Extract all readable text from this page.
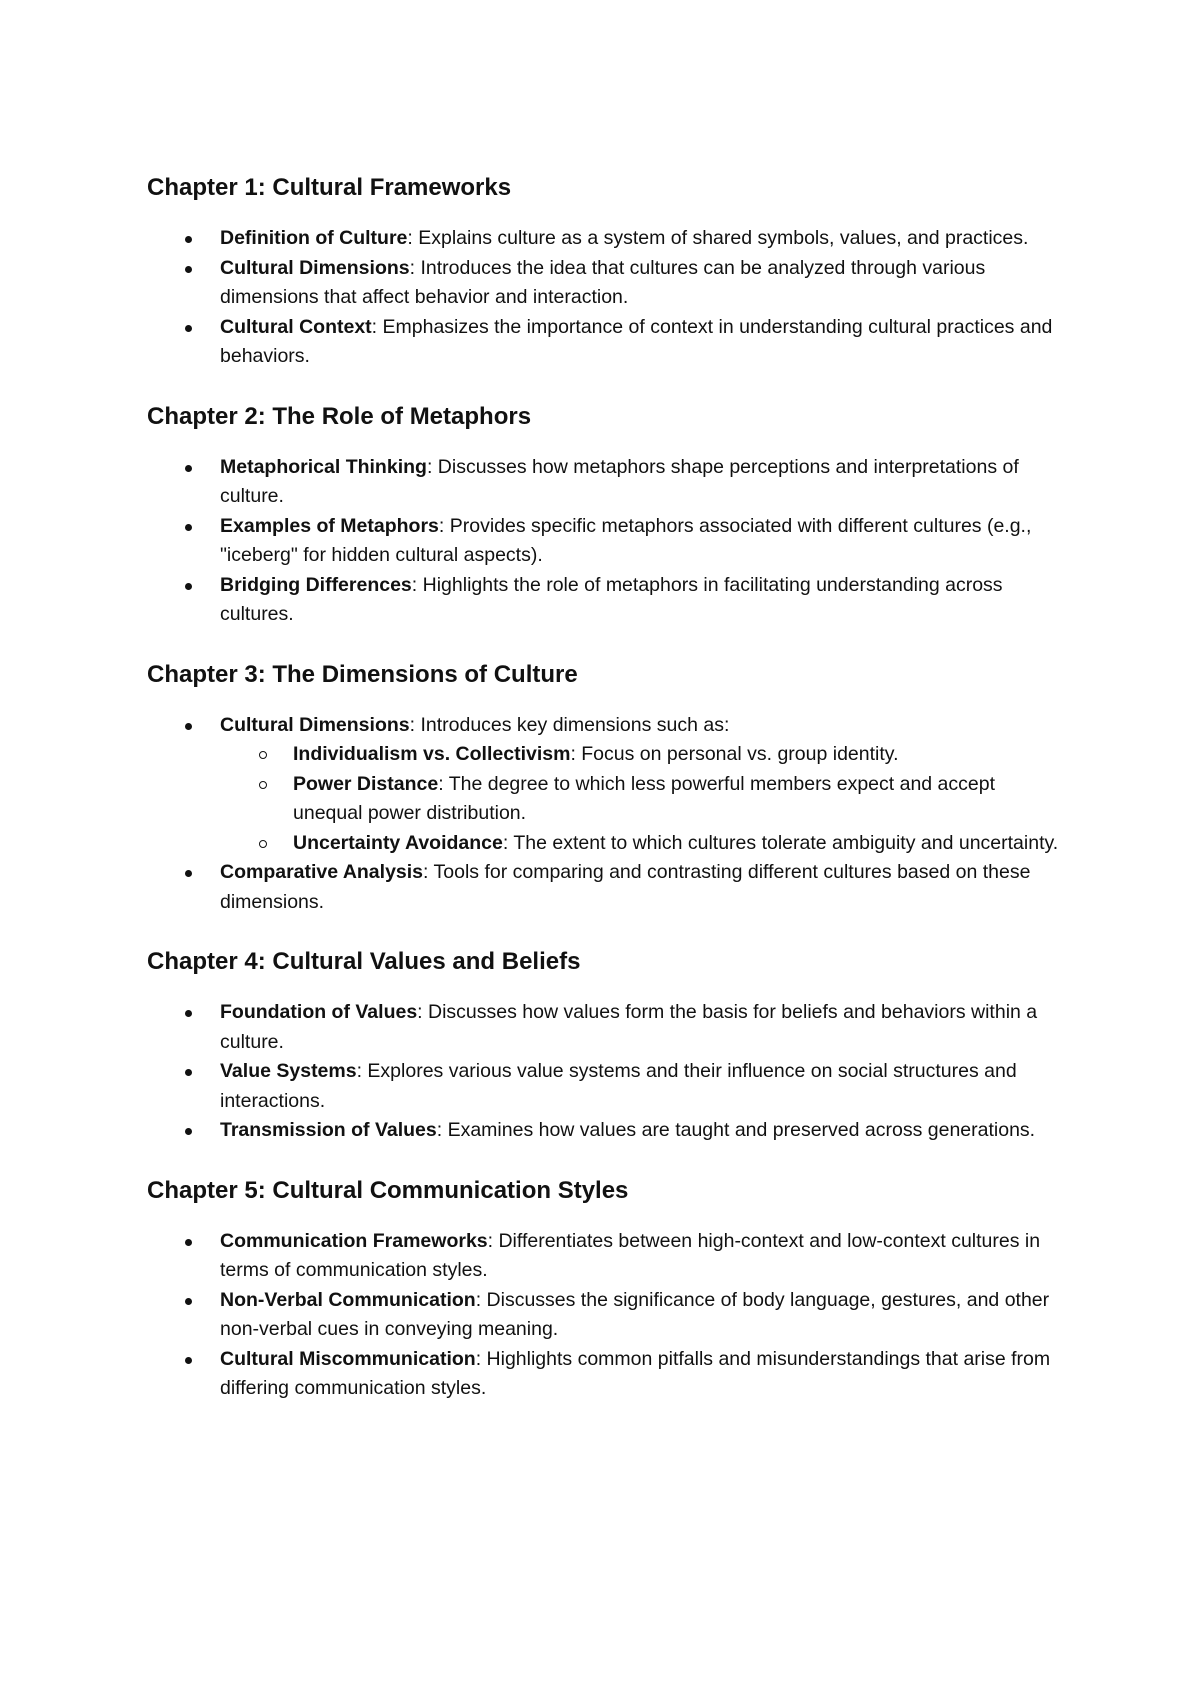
Chapter 1: Cultural Frameworks
Definition of Culture: Explains culture as a system of shared symbols, values, and practices.
Cultural Dimensions: Introduces the idea that cultures can be analyzed through various dimensions that affect behavior and interaction.
Cultural Context: Emphasizes the importance of context in understanding cultural practices and behaviors.
Chapter 2: The Role of Metaphors
Metaphorical Thinking: Discusses how metaphors shape perceptions and interpretations of culture.
Examples of Metaphors: Provides specific metaphors associated with different cultures (e.g., "iceberg" for hidden cultural aspects).
Bridging Differences: Highlights the role of metaphors in facilitating understanding across cultures.
Chapter 3: The Dimensions of Culture
Cultural Dimensions: Introduces key dimensions such as:
Individualism vs. Collectivism: Focus on personal vs. group identity.
Power Distance: The degree to which less powerful members expect and accept unequal power distribution.
Uncertainty Avoidance: The extent to which cultures tolerate ambiguity and uncertainty.
Comparative Analysis: Tools for comparing and contrasting different cultures based on these dimensions.
Chapter 4: Cultural Values and Beliefs
Foundation of Values: Discusses how values form the basis for beliefs and behaviors within a culture.
Value Systems: Explores various value systems and their influence on social structures and interactions.
Transmission of Values: Examines how values are taught and preserved across generations.
Chapter 5: Cultural Communication Styles
Communication Frameworks: Differentiates between high-context and low-context cultures in terms of communication styles.
Non-Verbal Communication: Discusses the significance of body language, gestures, and other non-verbal cues in conveying meaning.
Cultural Miscommunication: Highlights common pitfalls and misunderstandings that arise from differing communication styles.
